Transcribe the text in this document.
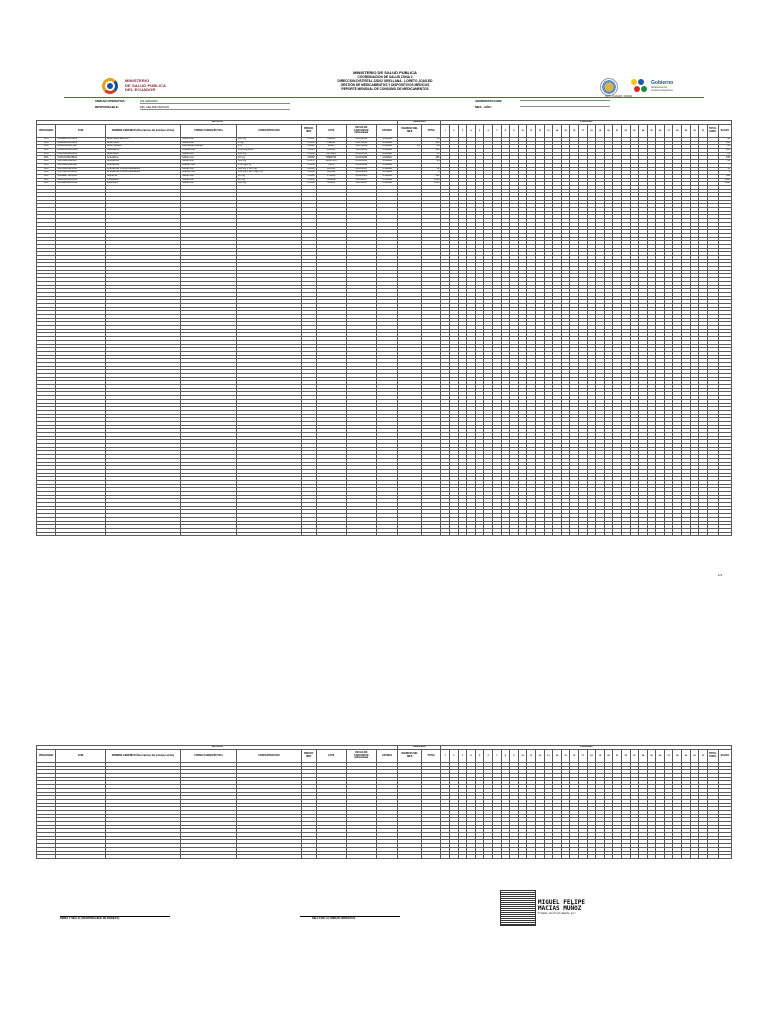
MINISTERIO
DE SALUD PÚBLICA
DEL ECUADOR
Gobierno
del Encuentro
Juntos lo logramos
MINISTERIO DE SALUD PUBLICA
COORDINACION DE SALUD ZONA 2
DIRECCION DISTRITAL 22D02 ORELLANA - LORETO JOAS-ED
GESTIÓN DE MEDICAMENTOS Y DISPOSITIVOS MÉDICOS
REPORTE MENSUAL DE CONSUMO DE MEDICAMENTOS
NRO. UNIDAD: 000000
UNIDAD OPERATIVA:	CS AHUANO
RESPONSABLE:	MD. FELIPE MACIAS
ADMINISTRACION:
MES - AÑO:
DETALLE									INGRESOS		CONSUMO																																
PROGRAMA	CUM	NOMBRE GENÉRICO (Descripción del principio activo)	FORMA FARMACÉUTICA	CONCENTRACIÓN	PRECIO UNIT	LOTE	FECHA DE CADUCIDAD dd/mm/aaaa	ESTADO	INGRESO DEL MES	TOTAL	1	2	3	4	5	6	7	8	9	10	11	12	13	14	15	16	17	18	19	20	21	22	23	24	25	26	27	28	29	30	31	TOTAL CONS.	SALDO
MIS	N02BE0161052A2	Ácido acetil salicílico	Sólido oral	100 mg	0.0067	140823	30/04/2026	USABLE		30																																	30
MIS	B03BB0161052A2	Ácido fólico	Sólido oral	5 mg	0.0106	211108	31/07/2026	USABLE		194																																	194
MIS	D06AX0111271ZZ	Ácido fusídico	Semisólido cutáneo	2 %	0.8620	F2207	31/07/2026	USABLE	20	20																																	20
MIS	R03AC0251B55A2	Salbutamol	Líquido oral	100 mcg/dosis	0.0025	LM9101	31/08/2026	USABLE		100																																	100
MIS	P02CA0121025A2	Albendazol	Sólido oral	400 mg	0.0400	A270025	30/06/2026	USABLE		23																																	23
MIS	C03CA0161055A2	Amlodipino	Sólido oral	10 mg	0.0062	B0B3790	31/12/2026	USABLE		155																																	155
MIS	J01CA0441011A2	Amoxicilina	Sólido oral	500 mg	0.0672	24AB7001	31/12/2026	USABLE		96																																	96
MIS	J01CA0441022A2	Amoxicilina	Líquido oral	250 mg/5 ml	0.4100	8231	31/10/2026	USABLE		7																																	7
MIS	J01CR0241055A2	Amoxicilina + Ácido clavulánico	Sólido oral	500 mg + 125 mg	0.2800	A25052	31/03/2027	USABLE		11																																	11
MIS	J01CR0241032A2	Amoxicilina + Ácido clavulánico	Líquido oral	250 mg + 62.5 mg/5 ml	1.5000	CA2501	30/09/2026	USABLE		4																																	4
MIS	R06AE0711011A2	Cetirizina	Sólido oral	10 mg	0.0110	CTZ219	30/11/2026	USABLE		360																																	360
MIS	A02BC0141055A2	Omeprazol	Sólido oral	20 mg	0.0150	OM2408	31/08/2027	USABLE		1000																																	1000
MIS	M01AE0141055A2	Ibuprofeno	Sólido oral	400 mg	0.0160	IB5012	31/05/2027	USABLE		1000																																	1000

1/1
DETALLE									INGRESOS		CONSUMO																																
PROGRAMA	CUM	NOMBRE GENÉRICO (Descripción del principio activo)	FORMA FARMACÉUTICA	CONCENTRACIÓN	PRECIO UNIT	LOTE	FECHA DE CADUCIDAD dd/mm/aaaa	ESTADO	INGRESO DEL MES	TOTAL	1	2	3	4	5	6	7	8	9	10	11	12	13	14	15	16	17	18	19	20	21	22	23	24	25	26	27	28	29	30	31	TOTAL CONS.	SALDO

FIRMA Y SELLO: (RESPONSABLE DE BODEGA)	SELLO DE LA UNIDAD OPERATIVA
MIGUEL FELIPE
MACIAS MUÑOZ
Firmado electrónicamente por:
